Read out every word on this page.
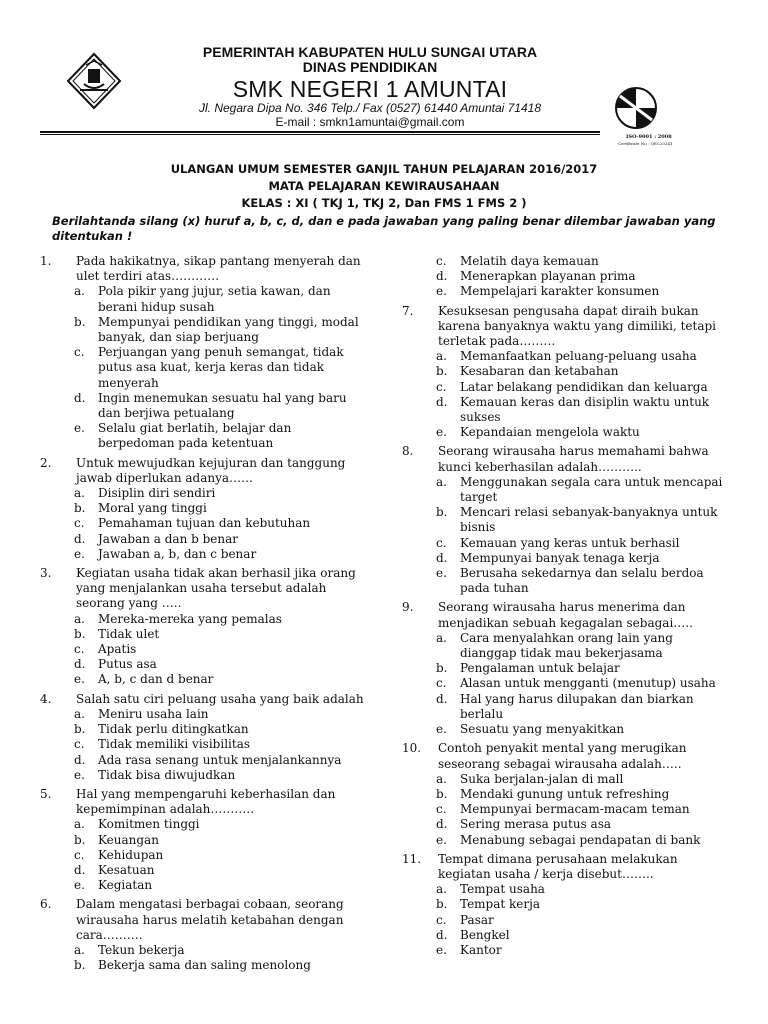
PEMERINTAH KABUPATEN HULU SUNGAI UTARA
DINAS PENDIDIKAN
SMK NEGERI 1 AMUNTAI
Jl. Negara Dipa No. 346 Telp./ Fax (0527) 61440 Amuntai 71418
E-mail : smkn1amuntai@gmail.com
ISO-9001 : 2008
Certificate No : QEC20241
ULANGAN UMUM SEMESTER GANJIL TAHUN PELAJARAN 2016/2017
MATA PELAJARAN KEWIRAUSAHAAN
KELAS : XI ( TKJ 1, TKJ 2, Dan FMS 1 FMS 2 )
Berilahtanda silang (x) huruf a, b, c, d, dan e pada jawaban yang paling benar dilembar jawaban yang ditentukan !
1.	Pada hakikatnya, sikap pantang menyerah dan ulet terdiri atas…………
a. Pola pikir yang jujur, setia kawan, dan berani hidup susah
b. Mempunyai pendidikan yang tinggi, modal banyak, dan siap berjuang
c. Perjuangan yang penuh semangat, tidak putus asa kuat, kerja keras dan tidak menyerah
d. Ingin menemukan sesuatu hal yang baru dan berjiwa petualang
e. Selalu giat berlatih, belajar dan berpedoman pada ketentuan
2.	Untuk mewujudkan kejujuran dan tanggung jawab diperlukan adanya……
a. Disiplin diri sendiri
b. Moral yang tinggi
c. Pemahaman tujuan dan kebutuhan
d. Jawaban a dan b benar
e. Jawaban a, b, dan c benar
3.	Kegiatan usaha tidak akan berhasil jika orang yang menjalankan usaha tersebut adalah seorang yang …..
a. Mereka-mereka yang pemalas
b. Tidak ulet
c. Apatis
d. Putus asa
e. A, b, c dan d benar
4.	Salah satu ciri peluang usaha yang baik adalah
a. Meniru usaha lain
b. Tidak perlu ditingkatkan
c. Tidak memiliki visibilitas
d. Ada rasa senang untuk menjalankannya
e. Tidak bisa diwujudkan
5.	Hal yang mempengaruhi keberhasilan dan kepemimpinan adalah………..
a. Komitmen tinggi
b. Keuangan
c. Kehidupan
d. Kesatuan
e. Kegiatan
6.	Dalam mengatasi berbagai cobaan, seorang wirausaha harus melatih ketabahan dengan cara……….
a. Tekun bekerja
b. Bekerja sama dan saling menolong
c. Melatih daya kemauan
d. Menerapkan playanan prima
e. Mempelajari karakter konsumen
7.	Kesuksesan pengusaha dapat diraih bukan karena banyaknya waktu yang dimiliki, tetapi terletak pada………
a. Memanfaatkan peluang-peluang usaha
b. Kesabaran dan ketabahan
c. Latar belakang pendidikan dan keluarga
d. Kemauan keras dan disiplin waktu untuk sukses
e. Kepandaian mengelola waktu
8.	Seorang wirausaha harus memahami bahwa kunci keberhasilan adalah………..
a. Menggunakan segala cara untuk mencapai target
b. Mencari relasi sebanyak-banyaknya untuk bisnis
c. Kemauan yang keras untuk berhasil
d. Mempunyai banyak tenaga kerja
e. Berusaha sekedarnya dan selalu berdoa pada tuhan
9.	Seorang wirausaha harus menerima dan menjadikan sebuah kegagalan sebagai…..
a. Cara menyalahkan orang lain yang dianggap tidak mau bekerjasama
b. Pengalaman untuk belajar
c. Alasan untuk mengganti (menutup) usaha
d. Hal yang harus dilupakan dan biarkan berlalu
e. Sesuatu yang menyakitkan
10.	Contoh penyakit mental yang merugikan seseorang sebagai wirausaha adalah…..
a. Suka berjalan-jalan di mall
b. Mendaki gunung untuk refreshing
c. Mempunyai bermacam-macam teman
d. Sering merasa putus asa
e. Menabung sebagai pendapatan di bank
11.	Tempat dimana perusahaan melakukan kegiatan usaha / kerja disebut……..
a. Tempat usaha
b. Tempat kerja
c. Pasar
d. Bengkel
e. Kantor
